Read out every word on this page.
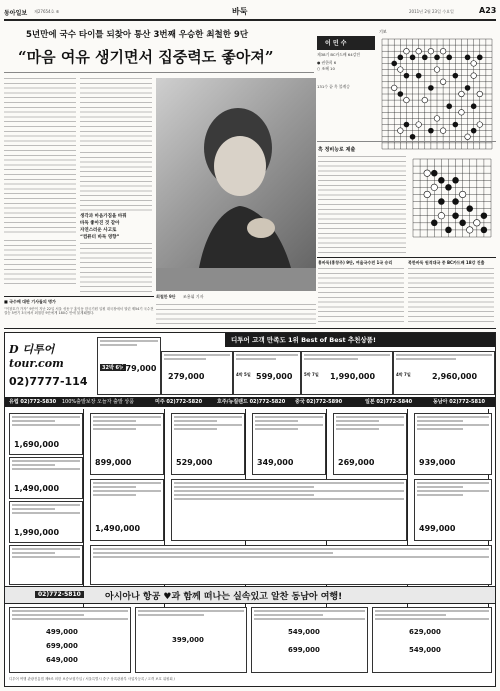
동아일보 제27654호 ⑥	바둑	2011년 2월 23일 수요일	A23
5년만에 국수 타이틀 되찾아 통산 3번째 우승한 최철한 9단
“마음 여유 생기면서 집중력도 좋아져”
생각과 마음가짐을 바꿔
바둑 좋아진 것 같아
자연스러운 사고로
“컴퓨터 바둑 영향”
최철한 9단 조용휘 기자
이 민 수
기보
제38기 BC카드배 64강전
● 권한희 6
○ 조혜 10
131수 끝 흑 불계승
흑 정비능로 제출
홍바둑(홍창주) 9단, 여울국수전 1국 승리	북한바둑 원격대국 중 BC카드배 18강 진출
■ 국수배 대판 기사들의 명가
“이창호가 가자” 9단이 지난 22일 서울 성동구 홍익동 한국기원 일원 대국장에서 열린 제54기 국수전 결승 5번기 3국에서 최철한 9단에게 180수 만에 불계패했다.
D 디투어 tour.com
02)7777-114
디투어 고객 만족도 1위 Best of Best 추천상품!
32박 6일
279,000
279,000	4박 5일 599,000	5박 7일 1,990,000	4박 7일	2,960,000
유럽 02)772-5830 100%출발보장 오늘자 출발 상품	미주 02)772-5820	호주/뉴질랜드 02)772-5820 중국 02)772-5890	일본 02)772-5840	동남아 02)772-5810
1,690,000
1,490,000
1,990,000
899,000
1,490,000
529,000	349,000	269,000	939,000
499,000
02)772-5810	아시아나 항공 ♥과 함께 떠나는 실속있고 알찬 동남아 여행!
499,000
699,000
649,000
399,000
549,000
699,000
629,000
549,000
디투어 여행 관광진흥법 제9조 의한 보증보험가입 / 서울특별시 중구 상록관광부 사업자등록 / 고객 보호 위원회 /
